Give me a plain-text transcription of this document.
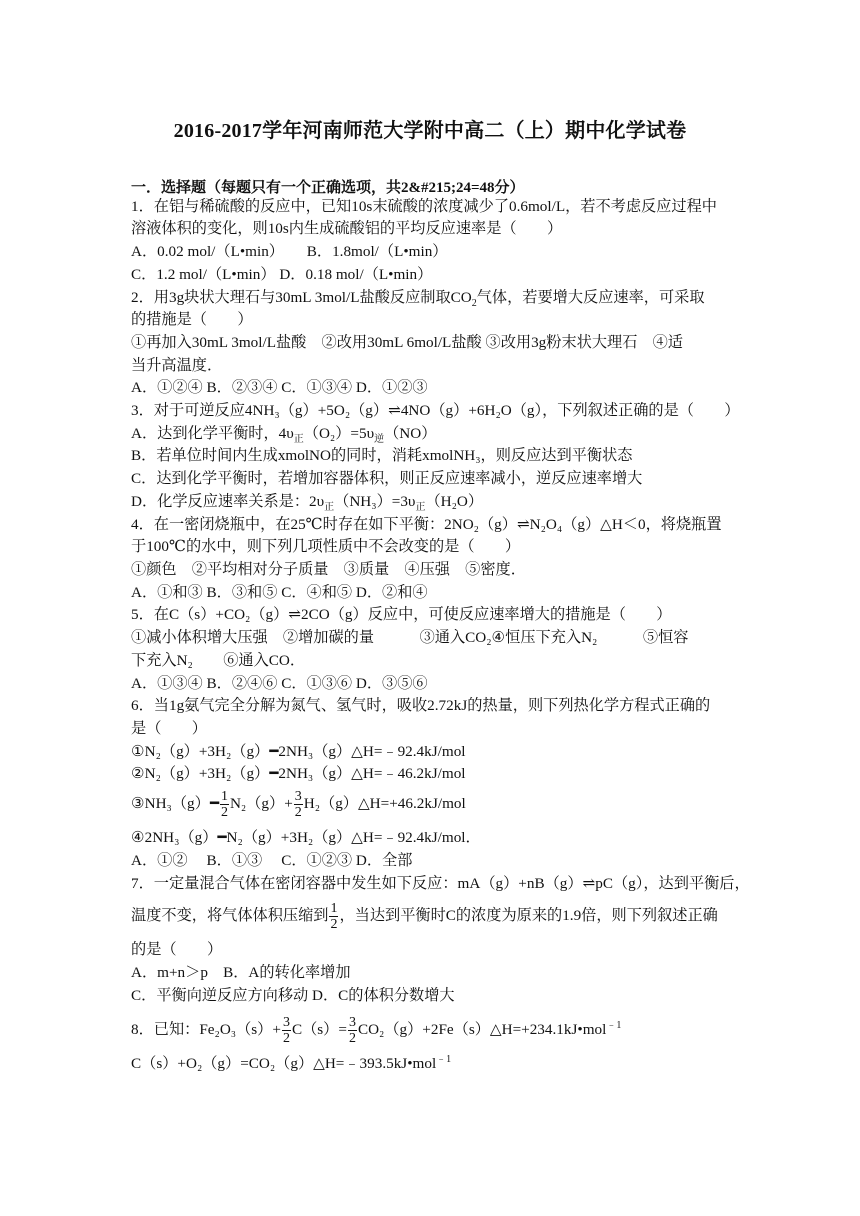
2016-2017学年河南师范大学附中高二（上）期中化学试卷
一．选择题（每题只有一个正确选项，共2&#215;24=48分）
1．在铝与稀硫酸的反应中，已知10s末硫酸的浓度减少了0.6mol/L，若不考虑反应过程中
溶液体积的变化，则10s内生成硫酸铝的平均反应速率是（　　）
A．0.02 mol/（L•min）　　B．1.8mol/（L•min）
C．1.2 mol/（L•min） D．0.18 mol/（L•min）
2．用3g块状大理石与30mL 3mol/L盐酸反应制取$CO_2$气体，若要增大反应速率，可采取
的措施是（　　）
①再加入30mL 3mol/L盐酸　②改用30mL 6mol/L盐酸 ③改用3g粉末状大理石　④适
当升高温度．
A．①②④ B．②③④ C．①③④ D．①②③
3．对于可逆反应4NH₃（g）+5O₂（g）⇌4NO（g）+6H₂O（g），下列叙述正确的是（　　）
A．达到化学平衡时，$4\upsilon_正(O_2)=5\upsilon_逆(NO)$
B．若单位时间内生成xmolNO的同时，消耗xmolNH₃，则反应达到平衡状态
C．达到化学平衡时，若增加容器体积，则正反应速率减小，逆反应速率增大
D．化学反应速率关系是：$2\upsilon_正(NH_3)=3\upsilon_正(H_2O)$
4．在一密闭烧瓶中，在25℃时存在如下平衡：2NO₂（g）⇌N₂O₄（g）△H＜0，将烧瓶置
于100℃的水中，则下列几项性质中不会改变的是（　　）
①颜色　②平均相对分子质量　③质量　④压强　⑤密度．
A．①和③ B．③和⑤ C．④和⑤ D．②和④
5．在C（s）+CO₂（g）⇌2CO（g）反应中，可使反应速率增大的措施是（　　）
①减小体积增大压强　②增加碳的量　　　③通入CO₂④恒压下充入N₂　　　⑤恒容
下充入N₂　　⑥通入CO．
A．①③④ B．②④⑥ C．①③⑥ D．③⑤⑥
6．当1g氨气完全分解为氮气、氢气时，吸收2.72kJ的热量，则下列热化学方程式正确的
是（　　）
①N₂（g）+3H₂（g）━2NH₃（g）△H=﹣92.4kJ/mol
②N₂（g）+3H₂（g）━2NH₃（g）△H=﹣46.2kJ/mol
③NH₃（g）━ $\frac{1}{2} N_2(g)+ \frac{3}{2}$ H₂（g）△H=+46.2kJ/mol
④2NH₃（g）━N₂（g）+3H₂（g）△H=﹣92.4kJ/mol．
A．①②　 B．①③　 C．①②③ D．全部
7．一定量混合气体在密闭容器中发生如下反应：mA（g）+nB（g）⇌pC（g），达到平衡后，
温度不变，将气体体积压缩到 $\frac{1}{2}$ ，当达到平衡时C的浓度为原来的1.9倍，则下列叙述正确
的是（　　）
A．m+n＞p　B．A的转化率增加
C．平衡向逆反应方向移动 D．C的体积分数增大
8．已知：$Fe_2O_3(s)+ \frac{3}{2} C(s)= \frac{3}{2}$ CO₂（g）+2Fe（s）△H=+234.1kJ•mol$^{﹣1}$
C（s）+O₂（g）=CO₂（g）△H=﹣393.5kJ•mol$^{﹣1}$
